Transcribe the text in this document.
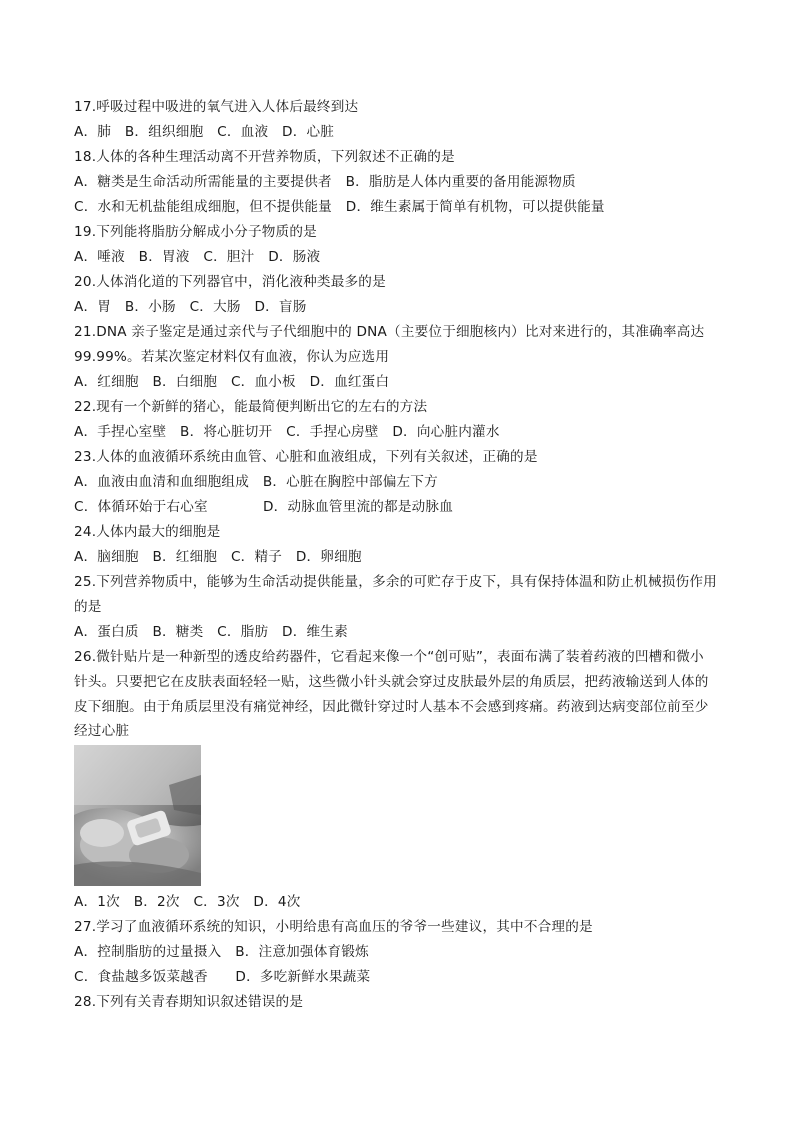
17.呼吸过程中吸进的氧气进入人体后最终到达
A．肺　B．组织细胞　C．血液　D．心脏
18.人体的各种生理活动离不开营养物质，下列叙述不正确的是
A．糖类是生命活动所需能量的主要提供者　B．脂肪是人体内重要的备用能源物质
C．水和无机盐能组成细胞，但不提供能量　D．维生素属于简单有机物，可以提供能量
19.下列能将脂肪分解成小分子物质的是
A．唾液　B．胃液　C．胆汁　D．肠液
20.人体消化道的下列器官中，消化液种类最多的是
A．胃　B．小肠　C．大肠　D．盲肠
21.DNA 亲子鉴定是通过亲代与子代细胞中的 DNA（主要位于细胞核内）比对来进行的，其准确率高达
99.99%。若某次鉴定材料仅有血液，你认为应选用
A．红细胞　B．白细胞　C．血小板　D．血红蛋白
22.现有一个新鲜的猪心，能最简便判断出它的左右的方法
A．手捏心室壁　B．将心脏切开　C．手捏心房壁　D．向心脏内灌水
23.人体的血液循环系统由血管、心脏和血液组成，下列有关叙述，正确的是
A．血液由血清和血细胞组成　B．心脏在胸腔中部偏左下方
C．体循环始于右心室　　　　D．动脉血管里流的都是动脉血
24.人体内最大的细胞是
A．脑细胞　B．红细胞　C．精子　D．卵细胞
25.下列营养物质中，能够为生命活动提供能量，多余的可贮存于皮下，具有保持体温和防止机械损伤作用
的是
A．蛋白质　B．糖类　C．脂肪　D．维生素
26.微针贴片是一种新型的透皮给药器件，它看起来像一个“创可贴”，表面布满了装着药液的凹槽和微小
针头。只要把它在皮肤表面轻轻一贴，这些微小针头就会穿过皮肤最外层的角质层，把药液输送到人体的
皮下细胞。由于角质层里没有痛觉神经，因此微针穿过时人基本不会感到疼痛。药液到达病变部位前至少
经过心脏
A．1次　B．2次　C．3次　D．4次
27.学习了血液循环系统的知识，小明给患有高血压的爷爷一些建议，其中不合理的是
A．控制脂肪的过量摄入　B．注意加强体育锻炼
C．食盐越多饭菜越香　　D．多吃新鲜水果蔬菜
28.下列有关青春期知识叙述错误的是
